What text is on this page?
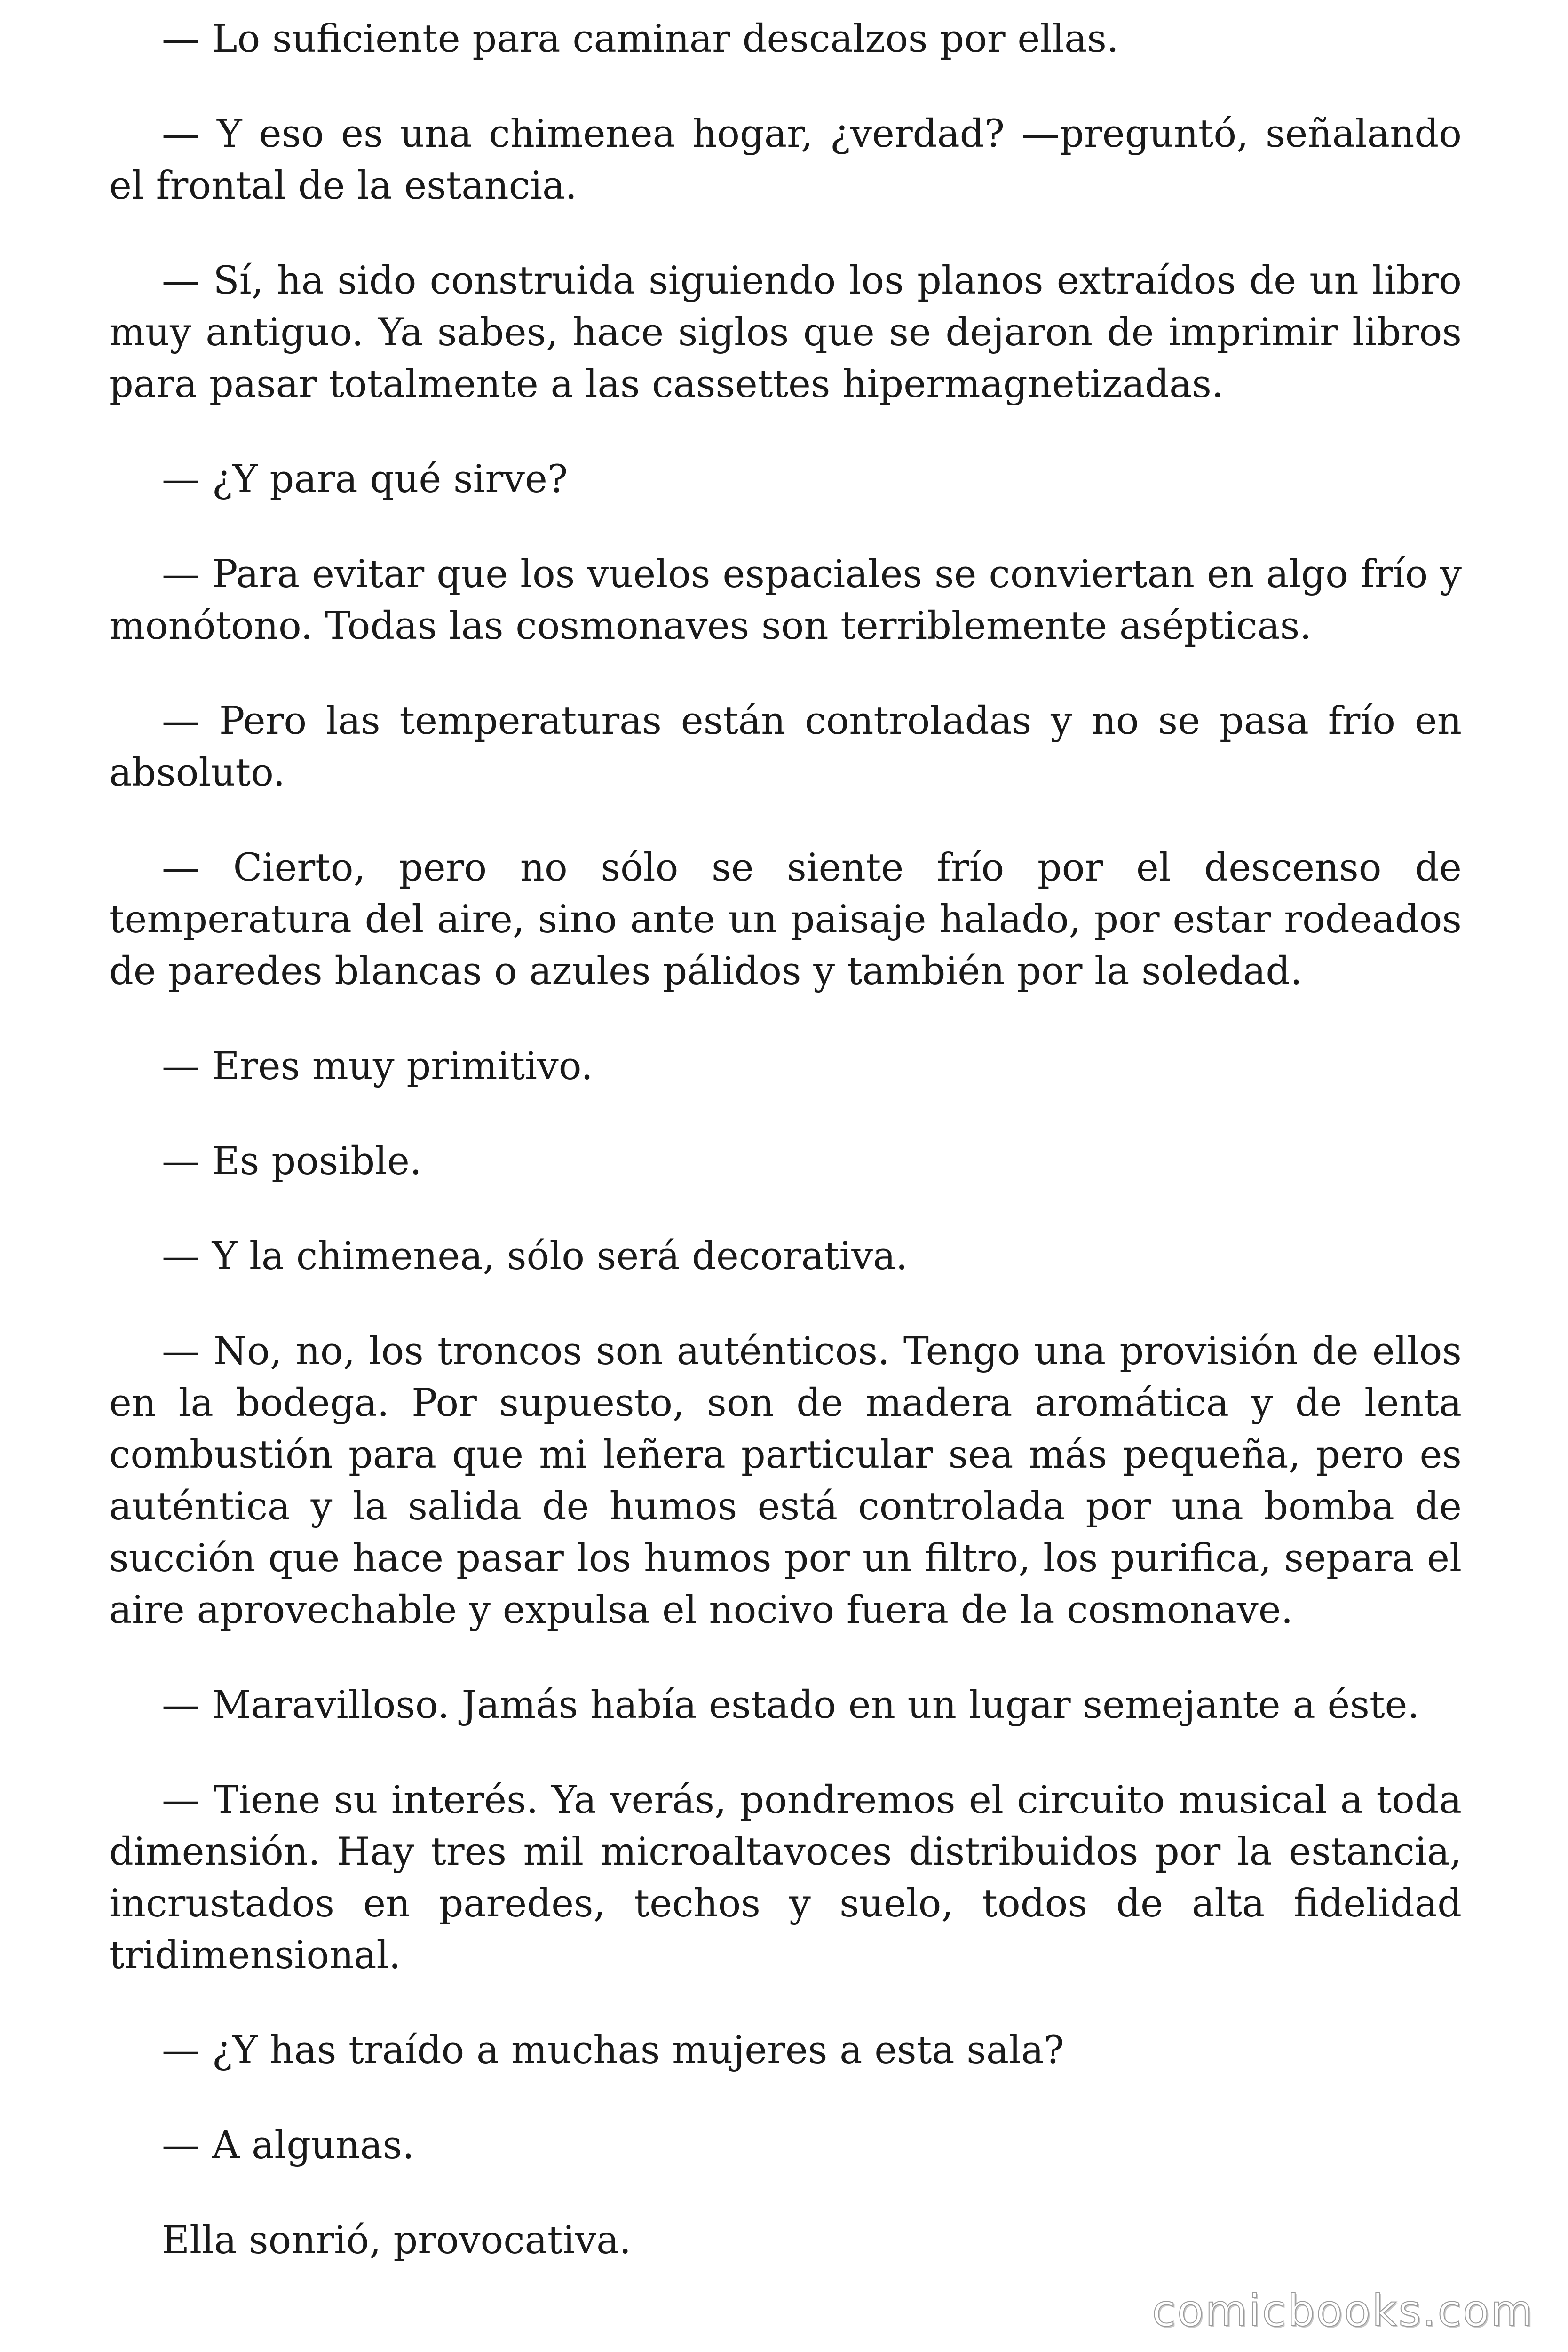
— Lo suficiente para caminar descalzos por ellas.

— Y eso es una chimenea hogar, ¿verdad? —preguntó, señalando el frontal de la estancia.

— Sí, ha sido construida siguiendo los planos extraídos de un libro muy antiguo. Ya sabes, hace siglos que se dejaron de imprimir libros para pasar totalmente a las cassettes hipermagnetizadas.

— ¿Y para qué sirve?

— Para evitar que los vuelos espaciales se conviertan en algo frío y monótono. Todas las cosmonaves son terriblemente asépticas.

— Pero las temperaturas están controladas y no se pasa frío en absoluto.

— Cierto, pero no sólo se siente frío por el descenso de temperatura del aire, sino ante un paisaje halado, por estar rodeados de paredes blancas o azules pálidos y también por la soledad.

— Eres muy primitivo.

— Es posible.

— Y la chimenea, sólo será decorativa.

— No, no, los troncos son auténticos. Tengo una provisión de ellos en la bodega. Por supuesto, son de madera aromática y de lenta combustión para que mi leñera particular sea más pequeña, pero es auténtica y la salida de humos está controlada por una bomba de succión que hace pasar los humos por un filtro, los purifica, separa el aire aprovechable y expulsa el nocivo fuera de la cosmonave.

— Maravilloso. Jamás había estado en un lugar semejante a éste.

— Tiene su interés. Ya verás, pondremos el circuito musical a toda dimensión. Hay tres mil microaltavoces distribuidos por la estancia, incrustados en paredes, techos y suelo, todos de alta fidelidad tridimensional.

— ¿Y has traído a muchas mujeres a esta sala?

— A algunas.

Ella sonrió, provocativa.

comicbooks.com
